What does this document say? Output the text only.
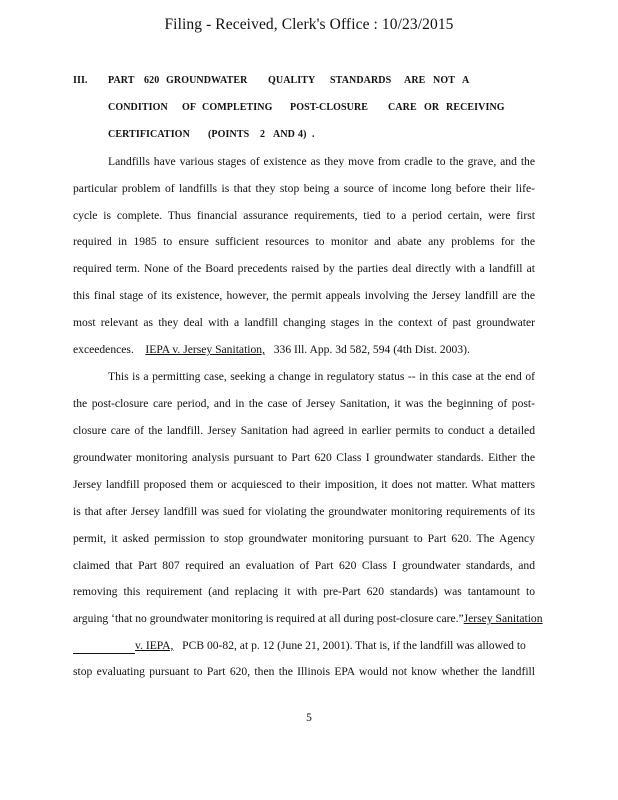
Filing - Received, Clerk's Office : 10/23/2015
III. PART 620 GROUNDWATER QUALITY STANDARDS ARE NOT A
CONDITION OF COMPLETING POST-CLOSURE CARE OR RECEIVING
CERTIFICATION (POINTS 2 AND 4) .
Landfills have various stages of existence as they move from cradle to the grave, and the
particular problem of landfills is that they stop being a source of income long before their life-
cycle is complete. Thus financial assurance requirements, tied to a period certain, were first
required in 1985 to ensure sufficient resources to monitor and abate any problems for the
required term. None of the Board precedents raised by the parties deal directly with a landfill at
this final stage of its existence, however, the permit appeals involving the Jersey landfill are the
most relevant as they deal with a landfill changing stages in the context of past groundwater
exceedences. IEPA v. Jersey Sanitation, 336 Ill. App. 3d 582, 594 (4th Dist. 2003).
This is a permitting case, seeking a change in regulatory status -- in this case at the end of
the post-closure care period, and in the case of Jersey Sanitation, it was the beginning of post-
closure care of the landfill. Jersey Sanitation had agreed in earlier permits to conduct a detailed
groundwater monitoring analysis pursuant to Part 620 Class I groundwater standards. Either the
Jersey landfill proposed them or acquiesced to their imposition, it does not matter. What matters
is that after Jersey landfill was sued for violating the groundwater monitoring requirements of its
permit, it asked permission to stop groundwater monitoring pursuant to Part 620. The Agency
claimed that Part 807 required an evaluation of Part 620 Class I groundwater standards, and
removing this requirement (and replacing it with pre-Part 620 standards) was tantamount to
arguing ‘that no groundwater monitoring is required at all during post-closure care.” Jersey Sanitation
v. IEPA, PCB 00-82, at p. 12 (June 21, 2001). That is, if the landfill was allowed to
stop evaluating pursuant to Part 620, then the Illinois EPA would not know whether the landfill
5
